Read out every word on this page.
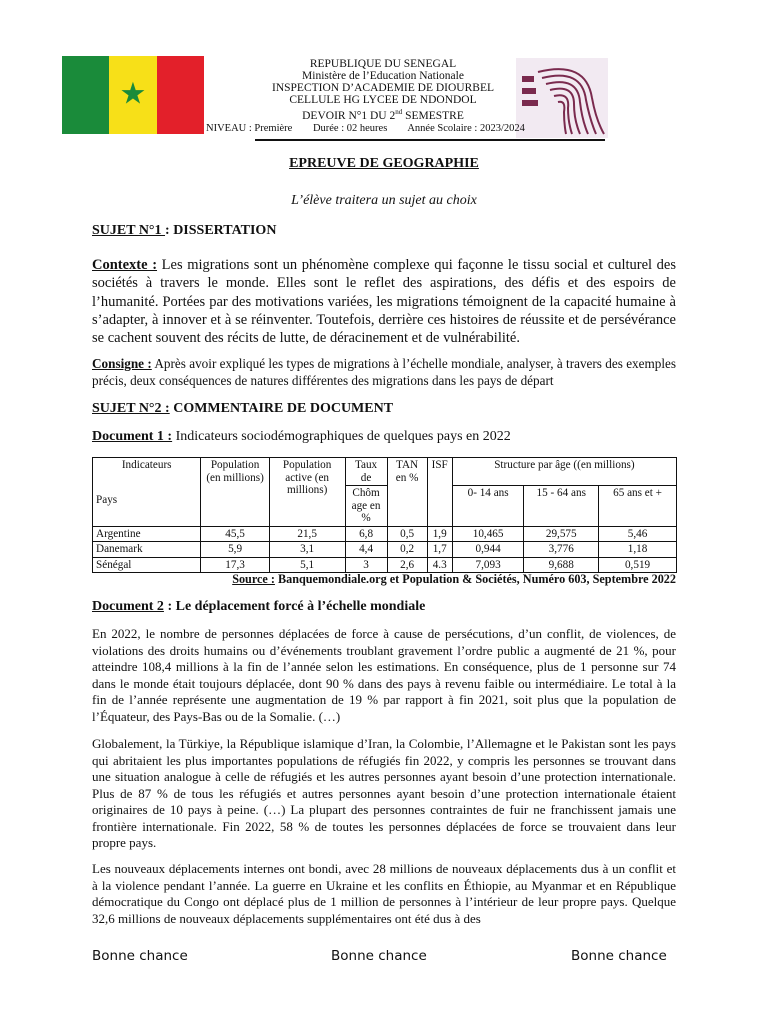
★
REPUBLIQUE DU SENEGAL
Ministère de l’Education Nationale
INSPECTION D’ACADEMIE DE DIOURBEL
CELLULE HG LYCEE DE NDONDOL
DEVOIR N°1 DU 2nd SEMESTRE
NIVEAU : Première Durée : 02 heures Année Scolaire : 2023/2024
EPREUVE DE GEOGRAPHIE
L’élève traitera un sujet au choix
SUJET N°1 : DISSERTATION
Contexte : Les migrations sont un phénomène complexe qui façonne le tissu social et culturel des sociétés à travers le monde. Elles sont le reflet des aspirations, des défis et des espoirs de l’humanité. Portées par des motivations variées, les migrations témoignent de la capacité humaine à s’adapter, à innover et à se réinventer. Toutefois, derrière ces histoires de réussite et de persévérance se cachent souvent des récits de lutte, de déracinement et de vulnérabilité.
Consigne : Après avoir expliqué les types de migrations à l’échelle mondiale, analyser, à travers des exemples précis, deux conséquences de natures différentes des migrations dans les pays de départ
SUJET N°2 : COMMENTAIRE DE DOCUMENT
Document 1 : Indicateurs sociodémographiques de quelques pays en 2022
Indicateurs
Pays	Population (en millions)	Population active (en millions)	Taux de	TAN en %	ISF	Structure par âge ((en millions)		
			Chôm age en %			0- 14 ans	15 - 64 ans	65 ans et +
Argentine	45,5	21,5	6,8	0,5	1,9	10,465	29,575	5,46
Danemark	5,9	3,1	4,4	0,2	1,7	0,944	3,776	1,18
Sénégal	17,3	5,1	3	2,6	4.3	7,093	9,688	0,519
Source : Banquemondiale.org et Population & Sociétés, Numéro 603, Septembre 2022
Document 2 : Le déplacement forcé à l’échelle mondiale
En 2022, le nombre de personnes déplacées de force à cause de persécutions, d’un conflit, de violences, de violations des droits humains ou d’événements troublant gravement l’ordre public a augmenté de 21 %, pour atteindre 108,4 millions à la fin de l’année selon les estimations. En conséquence, plus de 1 personne sur 74 dans le monde était toujours déplacée, dont 90 % dans des pays à revenu faible ou intermédiaire. Le total à la fin de l’année représente une augmentation de 19 % par rapport à fin 2021, soit plus que la population de l’Équateur, des Pays-Bas ou de la Somalie. (…)
Globalement, la Türkiye, la République islamique d’Iran, la Colombie, l’Allemagne et le Pakistan sont les pays qui abritaient les plus importantes populations de réfugiés fin 2022, y compris les personnes se trouvant dans une situation analogue à celle de réfugiés et les autres personnes ayant besoin d’une protection internationale. Plus de 87 % de tous les réfugiés et autres personnes ayant besoin d’une protection internationale étaient originaires de 10 pays à peine. (…) La plupart des personnes contraintes de fuir ne franchissent jamais une frontière internationale. Fin 2022, 58 % de toutes les personnes déplacées de force se trouvaient dans leur propre pays.
Les nouveaux déplacements internes ont bondi, avec 28 millions de nouveaux déplacements dus à un conflit et à la violence pendant l’année. La guerre en Ukraine et les conflits en Éthiopie, au Myanmar et en République démocratique du Congo ont déplacé plus de 1 million de personnes à l’intérieur de leur propre pays. Quelque 32,6 millions de nouveaux déplacements supplémentaires ont été dus à des
Bonne chance	Bonne chance	Bonne chance
